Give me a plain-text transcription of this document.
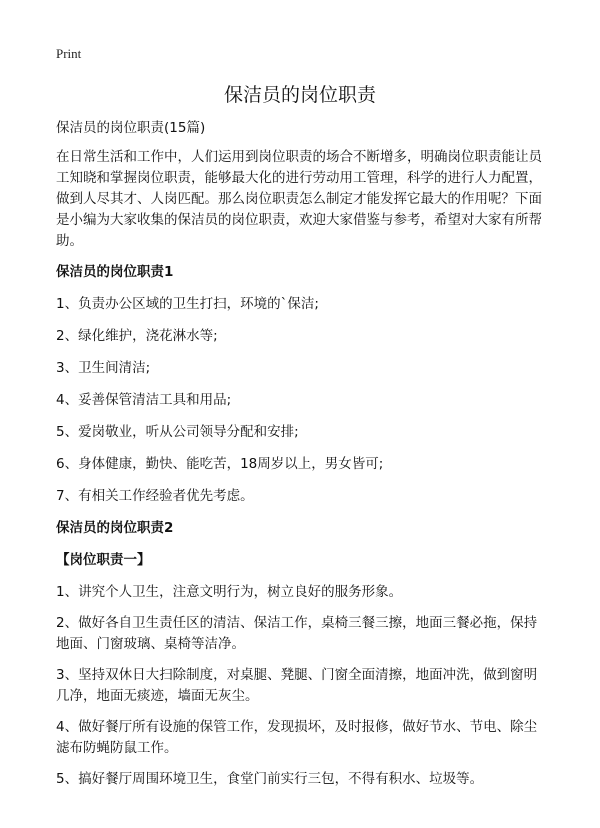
Print
保洁员的岗位职责

保洁员的岗位职责(15篇)

在日常生活和工作中，人们运用到岗位职责的场合不断增多，明确岗位职责能让员工知晓和掌握岗位职责，能够最大化的进行劳动用工管理，科学的进行人力配置，做到人尽其才、人岗匹配。那么岗位职责怎么制定才能发挥它最大的作用呢？下面是小编为大家收集的保洁员的岗位职责，欢迎大家借鉴与参考，希望对大家有所帮助。

保洁员的岗位职责1

1、负责办公区域的卫生打扫，环境的`保洁;

2、绿化维护，浇花淋水等;

3、卫生间清洁;

4、妥善保管清洁工具和用品;

5、爱岗敬业，听从公司领导分配和安排;

6、身体健康，勤快、能吃苦，18周岁以上，男女皆可;

7、有相关工作经验者优先考虑。

保洁员的岗位职责2

【岗位职责一】

1、讲究个人卫生，注意文明行为，树立良好的服务形象。

2、做好各自卫生责任区的清洁、保洁工作，桌椅三餐三擦，地面三餐必拖，保持地面、门窗玻璃、桌椅等洁净。

3、坚持双休日大扫除制度，对桌腿、凳腿、门窗全面清擦，地面冲洗，做到窗明几净，地面无痰迹，墙面无灰尘。

4、做好餐厅所有设施的保管工作，发现损坏，及时报修，做好节水、节电、除尘滤布防蝇防鼠工作。

5、搞好餐厅周围环境卫生，食堂门前实行三包，不得有积水、垃圾等。
